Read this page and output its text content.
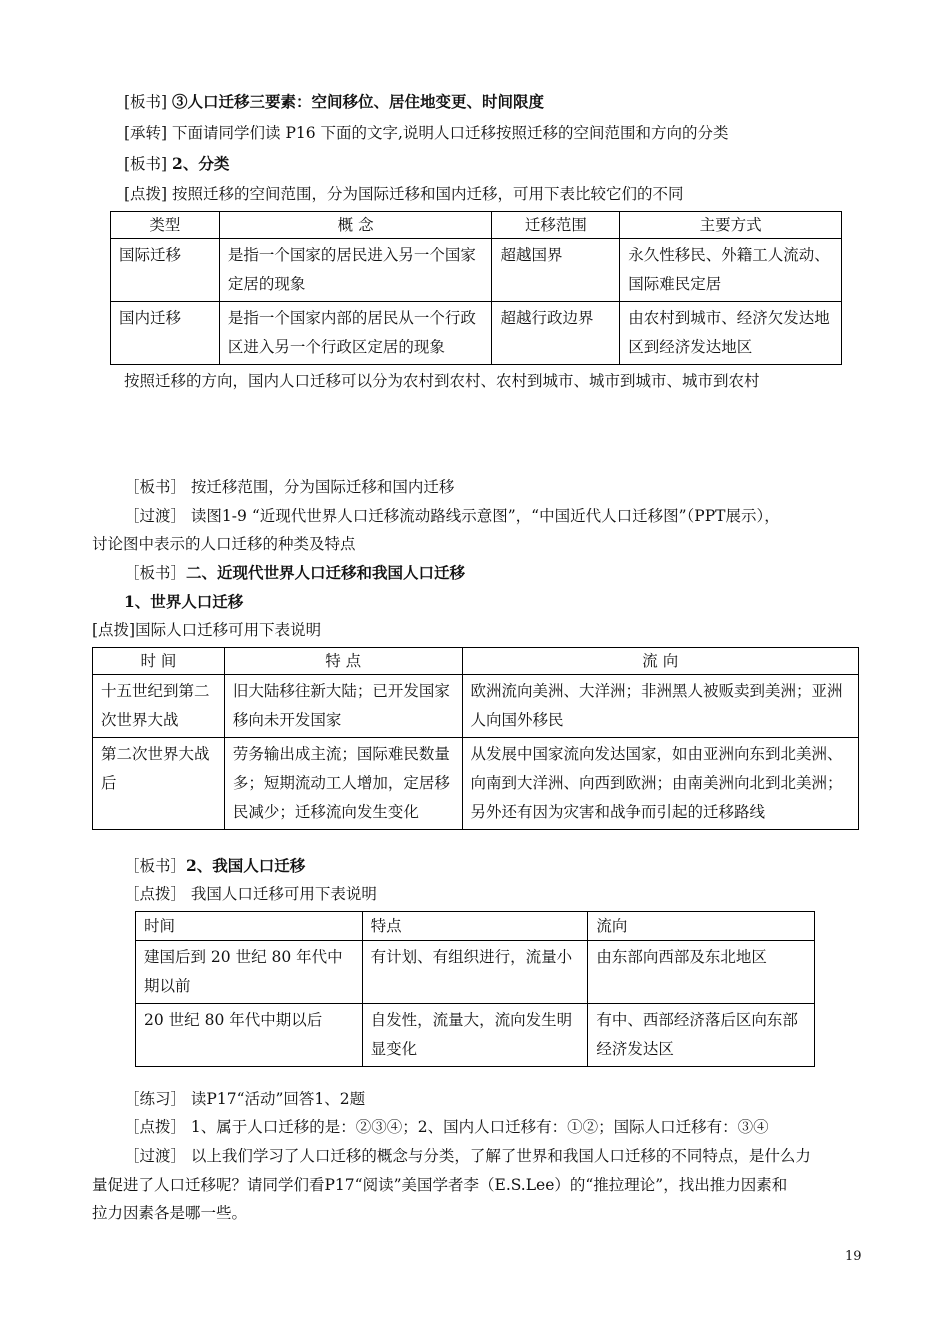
[板书] ③人口迁移三要素：空间移位、居住地变更、时间限度
[承转] 下面请同学们读 P16 下面的文字,说明人口迁移按照迁移的空间范围和方向的分类
[板书] 2、分类
[点拨] 按照迁移的空间范围，分为国际迁移和国内迁移，可用下表比较它们的不同
类型	概 念	迁移范围	主要方式
国际迁移	是指一个国家的居民进入另一个国家定居的现象	超越国界	永久性移民、外籍工人流动、国际难民定居
国内迁移	是指一个国家内部的居民从一个行政区进入另一个行政区定居的现象	超越行政边界	由农村到城市、经济欠发达地区到经济发达地区
按照迁移的方向，国内人口迁移可以分为农村到农村、农村到城市、城市到城市、城市到农村
［板书］ 按迁移范围，分为国际迁移和国内迁移
［过渡］ 读图1-9 “近现代世界人口迁移流动路线示意图”，“中国近代人口迁移图”（PPT展示），
讨论图中表示的人口迁移的种类及特点
［板书］二、近现代世界人口迁移和我国人口迁移
1、世界人口迁移
[点拨]国际人口迁移可用下表说明
时 间	特 点	流 向
十五世纪到第二次世界大战	旧大陆移往新大陆；已开发国家移向未开发国家	欧洲流向美洲、大洋洲；非洲黑人被贩卖到美洲；亚洲人向国外移民
第二次世界大战后	劳务输出成主流；国际难民数量多；短期流动工人增加，定居移民减少；迁移流向发生变化	从发展中国家流向发达国家，如由亚洲向东到北美洲、向南到大洋洲、向西到欧洲；由南美洲向北到北美洲；另外还有因为灾害和战争而引起的迁移路线
［板书］2、我国人口迁移
［点拨］ 我国人口迁移可用下表说明
时间	特点	流向
建国后到 20 世纪 80 年代中期以前	有计划、有组织进行，流量小	由东部向西部及东北地区
20 世纪 80 年代中期以后	自发性，流量大，流向发生明显变化	有中、西部经济落后区向东部经济发达区
［练习］ 读P17“活动”回答1、2题
［点拨］ 1、属于人口迁移的是：②③④；2、国内人口迁移有：①②；国际人口迁移有：③④
［过渡］ 以上我们学习了人口迁移的概念与分类，了解了世界和我国人口迁移的不同特点，是什么力
量促进了人口迁移呢？请同学们看P17“阅读”美国学者李（E.S.Lee）的“推拉理论”，找出推力因素和
拉力因素各是哪一些。
19
